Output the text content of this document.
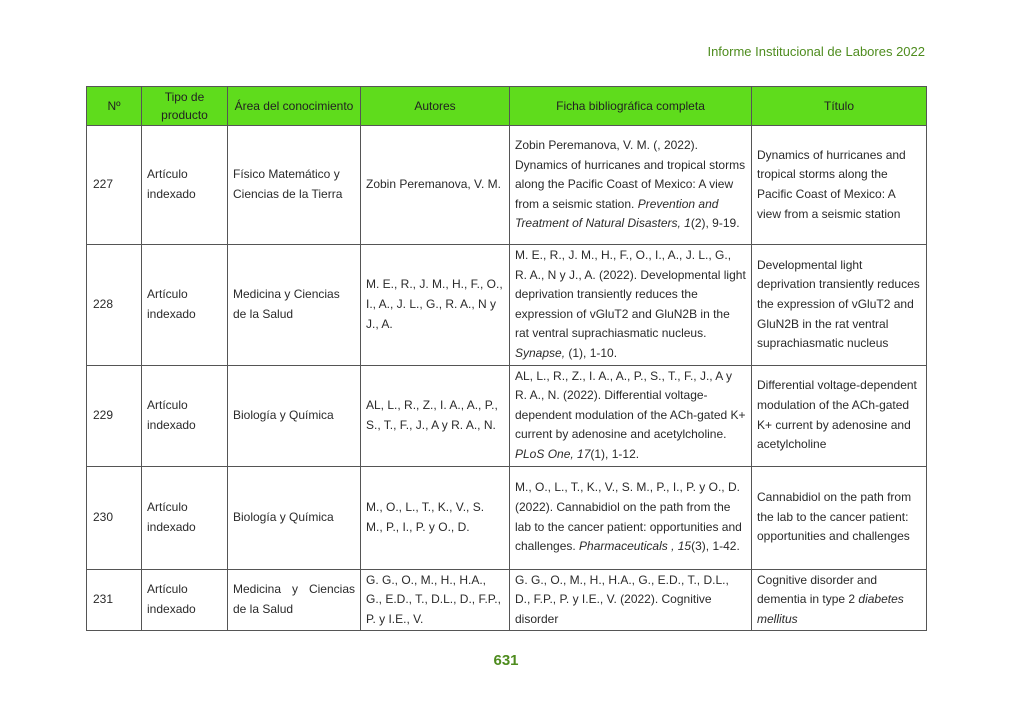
Informe Institucional de Labores 2022
Nº	Tipo de producto	Área del conocimiento	Autores	Ficha bibliográfica completa	Título
227	Artículo indexado	Físico Matemático y Ciencias de la Tierra	Zobin Peremanova, V. M.	Zobin Peremanova, V. M. (, 2022). Dynamics of hurricanes and tropical storms along the Pacific Coast of Mexico: A view from a seismic station. Prevention and Treatment of Natural Disasters, 1(2), 9-19.	Dynamics of hurricanes and tropical storms along the Pacific Coast of Mexico: A view from a seismic station
228	Artículo indexado	Medicina y Ciencias de la Salud	M. E., R., J. M., H., F., O., I., A., J. L., G., R. A., N y J., A.	M. E., R., J. M., H., F., O., I., A., J. L., G., R. A., N y J., A. (2022). Developmental light deprivation transiently reduces the expression of vGluT2 and GluN2B in the rat ventral suprachiasmatic nucleus. Synapse, (1), 1-10.	Developmental light deprivation transiently reduces the expression of vGluT2 and GluN2B in the rat ventral suprachiasmatic nucleus
229	Artículo indexado	Biología y Química	AL, L., R., Z., I. A., A., P., S., T., F., J., A y R. A., N.	AL, L., R., Z., I. A., A., P., S., T., F., J., A y R. A., N. (2022). Differential voltage-dependent modulation of the ACh-gated K+ current by adenosine and acetylcholine. PLoS One, 17(1), 1-12.	Differential voltage-dependent modulation of the ACh-gated K+ current by adenosine and acetylcholine
230	Artículo indexado	Biología y Química	M., O., L., T., K., V., S. M., P., I., P. y O., D.	M., O., L., T., K., V., S. M., P., I., P. y O., D. (2022). Cannabidiol on the path from the lab to the cancer patient: opportunities and challenges. Pharmaceuticals , 15(3), 1-42.	Cannabidiol on the path from the lab to the cancer patient: opportunities and challenges
231	Artículo indexado	Medicina y Ciencias de la Salud	G. G., O., M., H., H.A., G., E.D., T., D.L., D., F.P., P. y I.E., V.	G. G., O., M., H., H.A., G., E.D., T., D.L., D., F.P., P. y I.E., V. (2022). Cognitive disorder	Cognitive disorder and dementia in type 2 diabetes mellitus
631
